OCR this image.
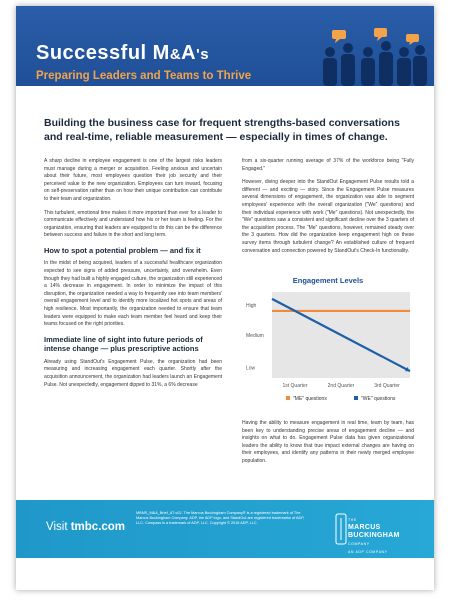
Successful M&A's
Preparing Leaders and Teams to Thrive
Building the business case for frequent strengths-based conversations and real-time, reliable measurement — especially in times of change.

A sharp decline in employee engagement is one of the largest risks leaders must manage during a merger or acquisition. Feeling anxious and uncertain about their future, most employees question their job security and their perceived value to the new organization. Employees can turn inward, focusing on self-preservation rather than on how their unique contribution can contribute to their team and organization.

This turbulent, emotional time makes it more important than ever for a leader to communicate effectively and understand how his or her team is feeling. For the organization, ensuring that leaders are equipped to do this can be the difference between success and failure in the short and long term.

How to spot a potential problem — and fix it

In the midst of being acquired, leaders of a successful healthcare organization expected to see signs of added pressure, uncertainty, and overwhelm. Even though they had built a highly engaged culture, the organization still experienced a 14% decrease in engagement. In order to minimize the impact of this disruption, the organization needed a way to frequently see into team members' overall engagement level and to identify more localized hot spots and areas of high resilience. Most importantly, the organization needed to ensure that team leaders were equipped to make each team member feel heard and keep their teams focused on the right priorities.

Immediate line of sight into future periods of intense change — plus prescriptive actions

Already using StandOut's Engagement Pulse, the organization had been measuring and increasing engagement each quarter. Shortly after the acquisition announcement, the organization had leaders launch an Engagement Pulse. Not unexpectedly, engagement dipped to 31%, a 6% decrease

from a six-quarter running average of 37% of the workforce being "Fully Engaged."

However, diving deeper into the StandOut Engagement Pulse results told a different — and exciting — story. Since the Engagement Pulse measures several dimensions of engagement, the organization was able to segment employees' experience with the overall organization ("We" questions) and their individual experience with work ("Me" questions). Not unexpectedly, the "We" questions saw a consistent and significant decline over the 3 quarters of the acquisition process. The "Me" questions, however, remained steady over the 3 quarters. How did the organization keep engagement high on these survey items through turbulent change? An established culture of frequent conversation and connection powered by StandOut's Check-In functionality.

Engagement Levels
High
Medium
Low
1st Quarter	2nd Quarter	3rd Quarter
"ME" questions	"WE" questions

Having the ability to measure engagement in real time, team by team, has been key to understanding precise areas of engagement decline — and insights on what to do. Engagement Pulse data has given organizational leaders the ability to know that true impact external changes are having on their employees, and identify any patterns in their newly merged employee population.

Visit tmbc.com
MBMS_M&A_Brief_AT-v02. The Marcus Buckingham Company® is a registered trademark of The Marcus Buckingham Company. ADP, the ADP logo, and StandOut are registered trademarks of ADP, LLC. Compass is a trademark of ADP, LLC. Copyright © 2018 ADP, LLC.
THE
MARCUS
BUCKINGHAM
COMPANY
AN ADP COMPANY
